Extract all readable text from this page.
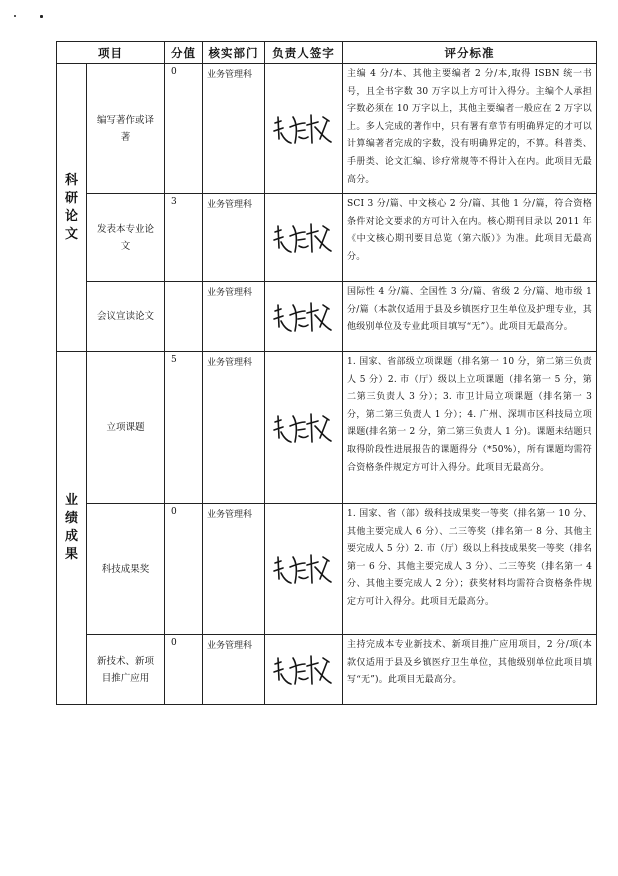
项目		分值	核实部门	负责人签字	评分标准
科研论文	编写著作或译著	0	业务管理科		主编 4 分/本、其他主要编者 2 分/本,取得 ISBN 统一书号，且全书字数 30 万字以上方可计入得分。主编个人承担字数必须在 10 万字以上，其他主要编者一般应在 2 万字以上。多人完成的著作中，只有署有章节有明确界定的才可以计算编著者完成的字数，没有明确界定的，不算。科普类、手册类、论文汇编、诊疗常规等不得计入在内。此项目无最高分。
	发表本专业论文	3	业务管理科		SCI 3 分/篇、中文核心 2 分/篇、其他 1 分/篇，符合资格条件对论文要求的方可计入在内。核心期刊目录以 2011 年《中文核心期刊要目总览（第六版）》为准。此项目无最高分。
	会议宣读论文		业务管理科		国际性 4 分/篇、全国性 3 分/篇、省级 2 分/篇、地市级 1 分/篇（本款仅适用于县及乡镇医疗卫生单位及护理专业，其他级别单位及专业此项目填写“无”）。此项目无最高分。
业绩成果	立项课题	5	业务管理科		1. 国家、省部级立项课题（排名第一 10 分，第二第三负责人 5 分）2. 市（厅）级以上立项课题（排名第一 5 分，第二第三负责人 3 分）；3. 市卫计局立项课题（排名第一 3 分，第二第三负责人 1 分）；4. 广州、深圳市区科技局立项课题(排名第一 2 分，第二第三负责人 1 分)。课题未结题只取得阶段性进展报告的课题得分（*50%），所有课题均需符合资格条件规定方可计入得分。此项目无最高分。
	科技成果奖	0	业务管理科		1. 国家、省（部）级科技成果奖一等奖（排名第一 10 分、其他主要完成人 6 分）、二三等奖（排名第一 8 分、其他主要完成人 5 分）2. 市（厅）级以上科技成果奖一等奖（排名第一 6 分、其他主要完成人 3 分）、二三等奖（排名第一 4 分、其他主要完成人 2 分）；获奖材料均需符合资格条件规定方可计入得分。此项目无最高分。
	新技术、新项目推广应用	0	业务管理科		主持完成本专业新技术、新项目推广应用项目，2 分/项(本款仅适用于县及乡镇医疗卫生单位，其他级别单位此项目填写“无”)。此项目无最高分。
